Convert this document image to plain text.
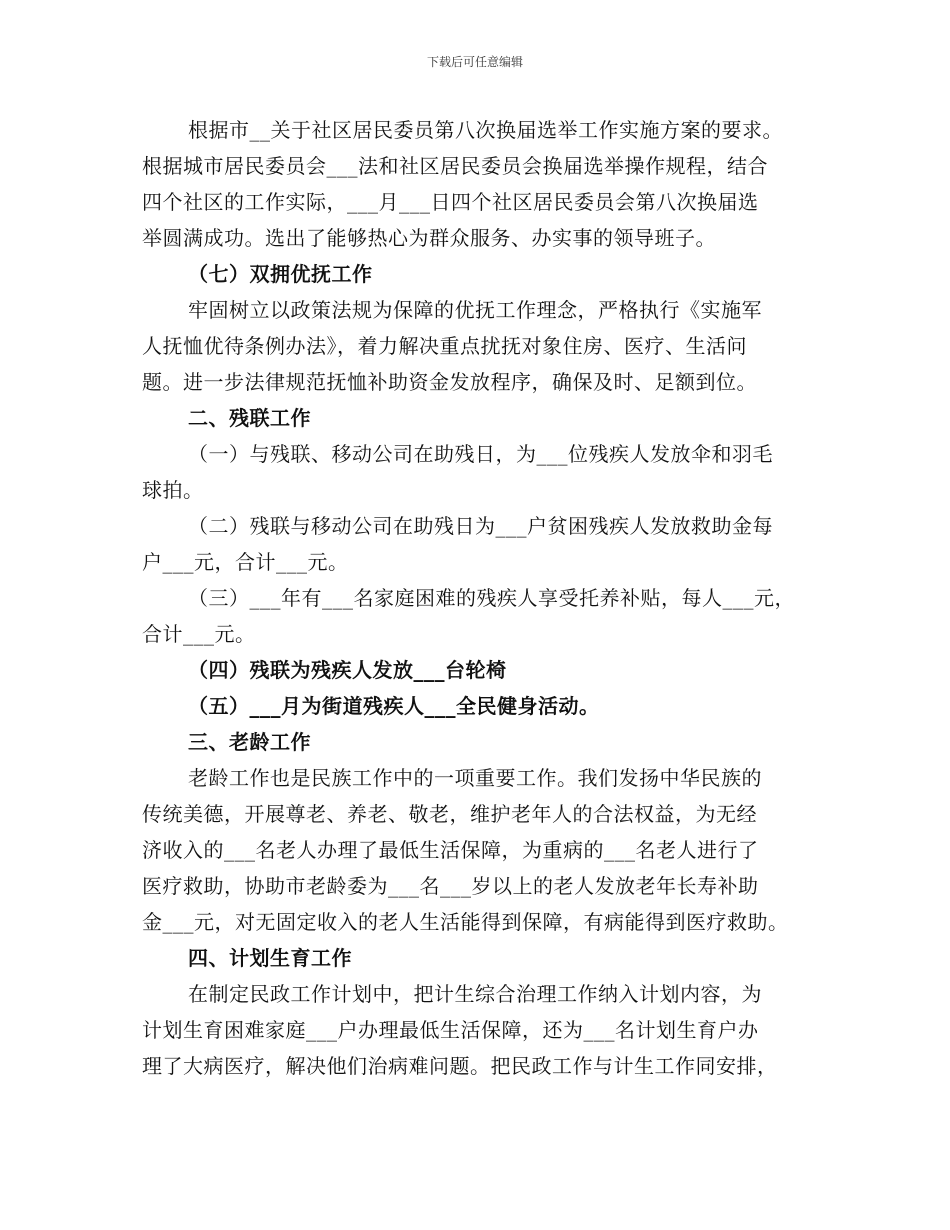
下载后可任意编辑
根据市__关于社区居民委员第八次换届选举工作实施方案的要求。
根据城市居民委员会___法和社区居民委员会换届选举操作规程，结合
四个社区的工作实际，___月___日四个社区居民委员会第八次换届选
举圆满成功。选出了能够热心为群众服务、办实事的领导班子。
（七）双拥优抚工作
牢固树立以政策法规为保障的优抚工作理念，严格执行《实施军
人抚恤优待条例办法》，着力解决重点扰抚对象住房、医疗、生活问
题。进一步法律规范抚恤补助资金发放程序，确保及时、足额到位。
二、残联工作
（一）与残联、移动公司在助残日，为___位残疾人发放伞和羽毛
球拍。
（二）残联与移动公司在助残日为___户贫困残疾人发放救助金每
户___元，合计___元。
（三）___年有___名家庭困难的残疾人享受托养补贴，每人___元，
合计___元。
（四）残联为残疾人发放___台轮椅
（五）___月为街道残疾人___全民健身活动。
三、老龄工作
老龄工作也是民族工作中的一项重要工作。我们发扬中华民族的
传统美德，开展尊老、养老、敬老，维护老年人的合法权益，为无经
济收入的___名老人办理了最低生活保障，为重病的___名老人进行了
医疗救助，协助市老龄委为___名___岁以上的老人发放老年长寿补助
金___元，对无固定收入的老人生活能得到保障，有病能得到医疗救助。
四、计划生育工作
在制定民政工作计划中，把计生综合治理工作纳入计划内容，为
计划生育困难家庭___户办理最低生活保障，还为___名计划生育户办
理了大病医疗，解决他们治病难问题。把民政工作与计生工作同安排，
